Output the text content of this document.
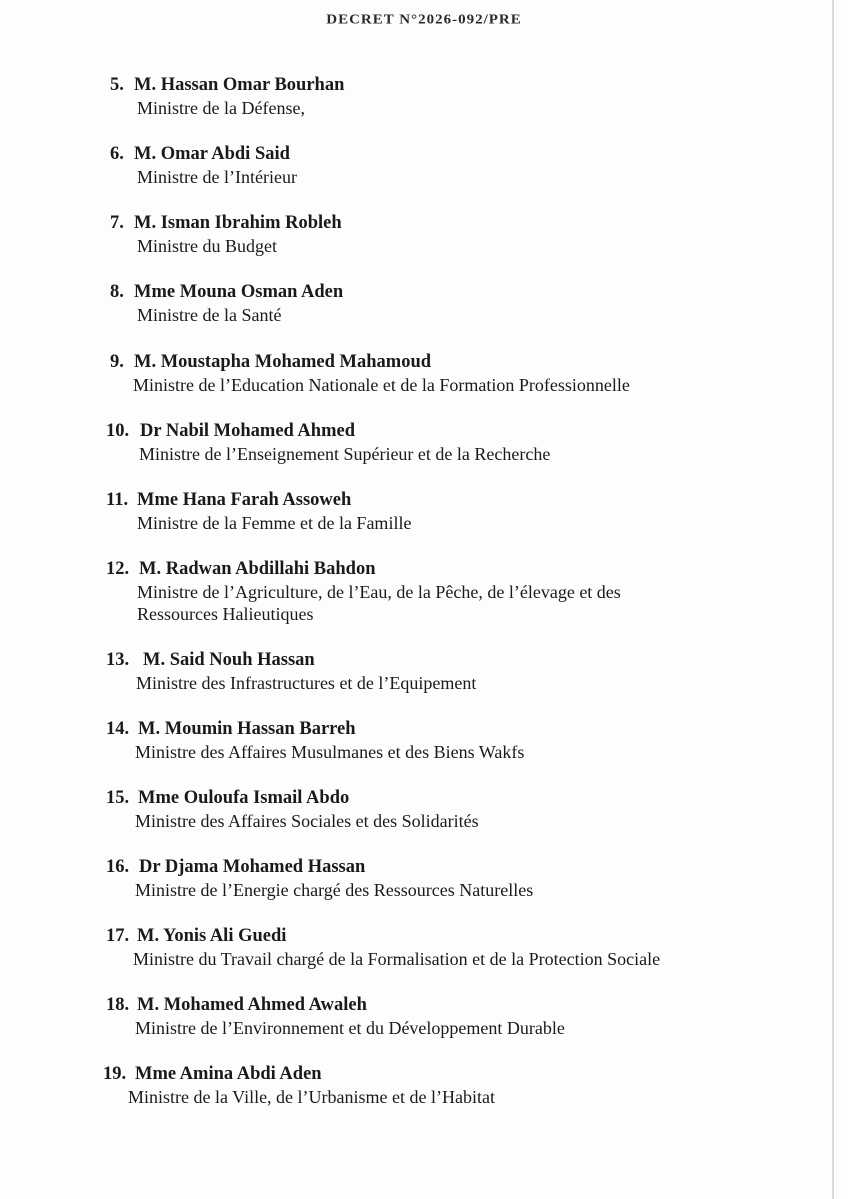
DECRET N°2026-092/PRE
5. M. Hassan Omar Bourhan
Ministre de la Défense,
6. M. Omar Abdi Said
Ministre de l’Intérieur
7. M. Isman Ibrahim Robleh
Ministre du Budget
8. Mme Mouna Osman Aden
Ministre de la Santé
9. M. Moustapha Mohamed Mahamoud
Ministre de l’Education Nationale et de la Formation Professionnelle
10. Dr Nabil Mohamed Ahmed
Ministre de l’Enseignement Supérieur et de la Recherche
11. Mme Hana Farah Assoweh
Ministre de la Femme et de la Famille
12. M. Radwan Abdillahi Bahdon
Ministre de l’Agriculture, de l’Eau, de la Pêche, de l’élevage et des
Ressources Halieutiques
13. M. Said Nouh Hassan
Ministre des Infrastructures et de l’Equipement
14. M. Moumin Hassan Barreh
Ministre des Affaires Musulmanes et des Biens Wakfs
15. Mme Ouloufa Ismail Abdo
Ministre des Affaires Sociales et des Solidarités
16. Dr Djama Mohamed Hassan
Ministre de l’Energie chargé des Ressources Naturelles
17. M. Yonis Ali Guedi
Ministre du Travail chargé de la Formalisation et de la Protection Sociale
18. M. Mohamed Ahmed Awaleh
Ministre de l’Environnement et du Développement Durable
19. Mme Amina Abdi Aden
Ministre de la Ville, de l’Urbanisme et de l’Habitat
